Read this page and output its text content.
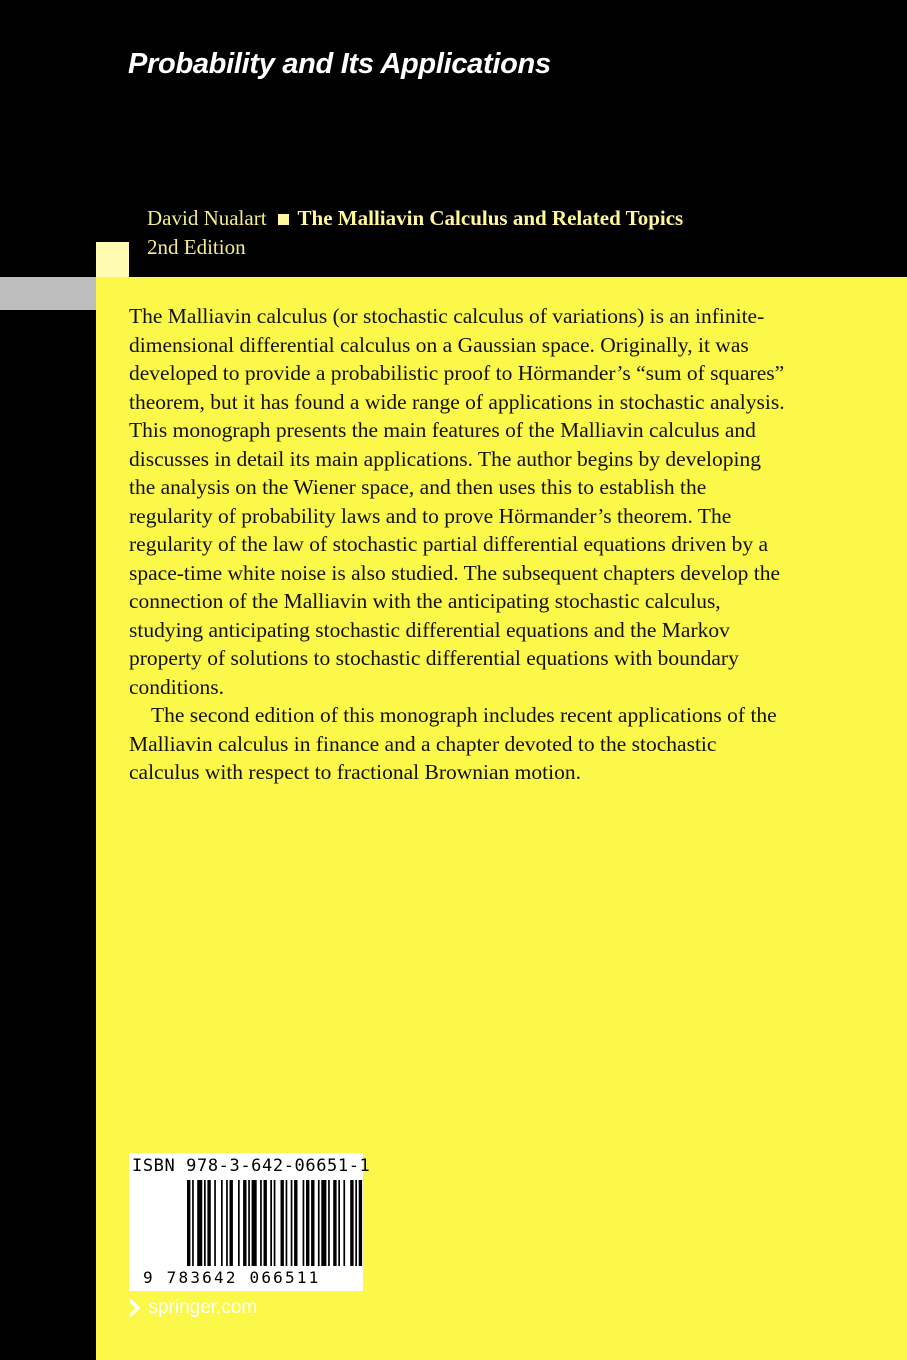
Probability and Its Applications
David Nualart The Malliavin Calculus and Related Topics
2nd Edition

The Malliavin calculus (or stochastic calculus of variations) is an infinite-dimensional differential calculus on a Gaussian space. Originally, it was developed to provide a probabilistic proof to Hörmander’s “sum of squares” theorem, but it has found a wide range of applications in stochastic analysis. This monograph presents the main features of the Malliavin calculus and discusses in detail its main applications. The author begins by developing the analysis on the Wiener space, and then uses this to establish the regularity of probability laws and to prove Hörmander’s theorem. The regularity of the law of stochastic partial differential equations driven by a space-time white noise is also studied. The subsequent chapters develop the connection of the Malliavin with the anticipating stochastic calculus, studying anticipating stochastic differential equations and the Markov property of solutions to stochastic differential equations with boundary conditions.

The second edition of this monograph includes recent applications of the Malliavin calculus in finance and a chapter devoted to the stochastic calculus with respect to fractional Brownian motion.

ISBN 978-3-642-06651-1
9 783642 066511
springer.com
